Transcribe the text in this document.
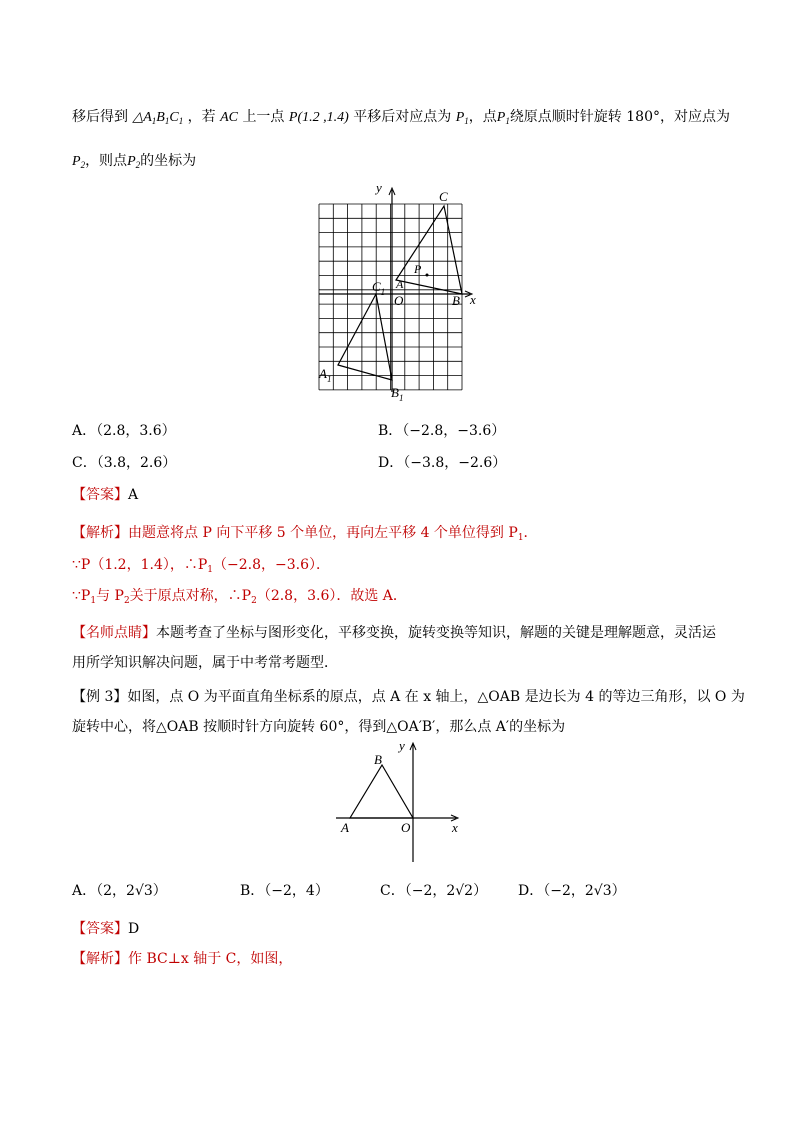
移后得到 $\triangle A_1B_1C_1$ ，若 AC 上一点 P(1.2 ,1.4) 平移后对应点为 $P_1$，点$P_1$绕原点顺时针旋转 180°，对应点为
$P_2$，则点$P_2$的坐标为
y
x
C
P
A
O	B
$C_1$
$A_1$
$B_1$
A．（2.8，3.6）	B．（−2.8，−3.6）
C．（3.8，2.6）	D．（−3.8，−2.6）
【答案】A
【解析】由题意将点 P 向下平移 5 个单位，再向左平移 4 个单位得到 $P_1$．
∵P（1.2，1.4），$\therefore P_1(-2.8$，−3.6）．
$\because P_1$与 $P_2$关于原点对称，$\therefore P_2(2.8$，3.6）．故选 A．
【名师点睛】本题考查了坐标与图形变化，平移变换，旋转变换等知识，解题的关键是理解题意，灵活运
用所学知识解决问题，属于中考常考题型．
【例 3】如图，点 O 为平面直角坐标系的原点，点 A 在 x 轴上，△OAB 是边长为 4 的等边三角形，以 O 为
旋转中心，将△OAB 按顺时针方向旋转 60°，得到△OA′B′，那么点 A′的坐标为
y
x
B
A	O
A．（2，2√3）	B．（−2，4）	C．（−2，2√2） D．（−2，2√3）
【答案】D
【解析】作 BC⊥x 轴于 C，如图，
